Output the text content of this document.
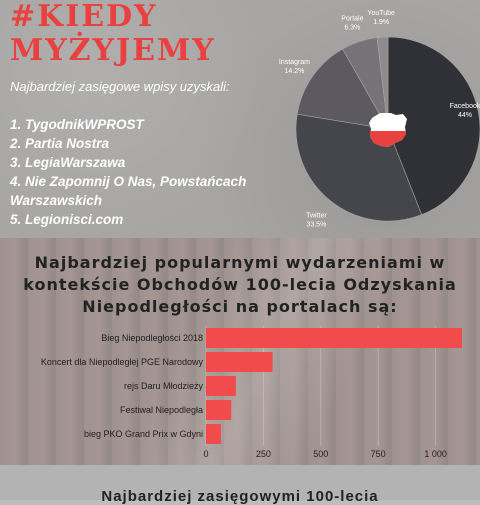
#KIEDY
MYŻYJEMY
Najbardziej zasięgowe wpisy uzyskali:
1. TygodnikWPROST
2. Partia Nostra
3. LegiaWarszawa
4. Nie Zapomnij O Nas, Powstańcach Warszawskich
5. Legionisci.com
Facebook 44%
Twitter 33.5%
Instagram 14.2%
Portale 6.3%
YouTube 1.9%
Najbardziej popularnymi wydarzeniami w kontekście Obchodów 100-lecia Odzyskania Niepodległości na portalach są:
Bieg Niepodległości 2018
Koncert dla Niepodległej PGE Narodowy
rejs Daru Młodzieży
Festiwal Niepodległa
bieg PKO Grand Prix w Gdyni
0	250	500	750	1 000
Najbardziej zasięgowymi 100-lecia
